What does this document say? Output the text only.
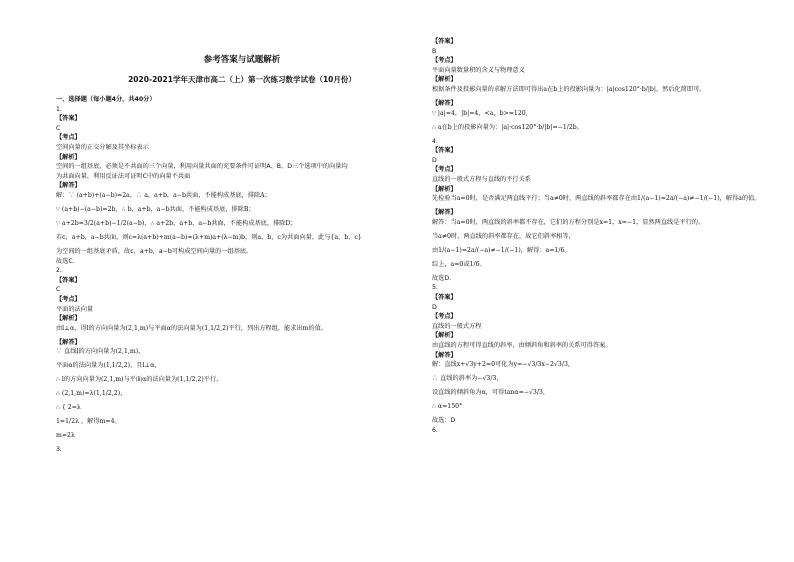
参考答案与试题解析
2020-2021学年天津市高二（上）第一次练习数学试卷（10月份）
一、选择题（每小题4分，共40分）
1.
【答案】
C
【考点】
空间向量的正交分解及其坐标表示
【解析】
空间的一组基底，必须是不共面的三个向量，利用向量共面的充要条件可证明A、B、D三个选项中的向量均
为共面向量，利用反证法可证明C中的向量不共面
【解答】
解：∵ (a+b)+(a−b)=2a，∴ a，a+b，a−b共面，不能构成基底，排除A；
∵ (a+b)−(a−b)=2b，∴ b，a+b，a−b共面，不能构成基底，排除B；
∵ a+2b=3/2(a+b)−1/2(a−b)，∴ a+2b，a+b，a−b共面，不能构成基底，排除D；
若c，a+b，a−b共面，则c=λ(a+b)+m(a−b)=(λ+m)a+(λ−m)b，则a，b，c为共面向量，此与{a，b，c}
为空间的一组基底矛盾，故c，a+b，a−b可构成空间向量的一组基底。
故选C.
2.
【答案】
C
【考点】
平面的法向量
【解析】
由l⊥α，得l的方向向量为(2,1,m)与平面α的法向量为(1,1/2,2)平行，列出方程组，能求出m的值。
【解答】
∵ 直线l的方向向量为(2,1,m)，
平面α的法向量为(1,1/2,2)，且l⊥α，
∴ l的方向向量为(2,1,m)与平面α的法向量为(1,1/2,2)平行，
∴ (2,1,m)=λ(1,1/2,2)，
∴ { 2=λ
1=1/2λ ，解得m=4。
m=2λ
3.
【答案】
B
【考点】
平面向量数量积的含义与物理意义
【解析】
根据条件及投影向量的求解方法即可得出a在b上的投影向量为：|a|cos120°·b/|b|，然后化简即可。
【解答】
∵ |a|=4，|b|=4，<a，b>=120，
∴ a在b上的投影向量为：|a|·cos120°·b/|b|=−1/2b。
4.
【答案】
D
【考点】
直线的一般式方程与直线的平行关系
【解析】
先检验当a=0时，是否满足两直线平行；当a≠0时，两直线的斜率都存在由1/(a−1)=2a/(−a)≠−1/(−1)，解得a的值。
【解答】
解答：当a=0时，两直线的斜率都不存在，它们的方程分别是x=1，x=−1，显然两直线是平行的。
当a≠0时，两直线的斜率都存在，故它们斜率相等，
由1/(a−1)=2a/(−a)≠−1/(−1)，解得：a=1/6。
综上，a=0或1/6。
故选D.
5.
【答案】
D
【考点】
直线的一般式方程
【解析】
由直线的方程可得直线的斜率，由倾斜角和斜率的关系可得答案。
【解答】
解：直线x+√3y+2=0可化为y=−√3/3x−2√3/3，
∴ 直线的斜率为−√3/3，
设直线的倾斜角为α，可得tanα=−√3/3，
∴ α=150°
故选：D
6.
